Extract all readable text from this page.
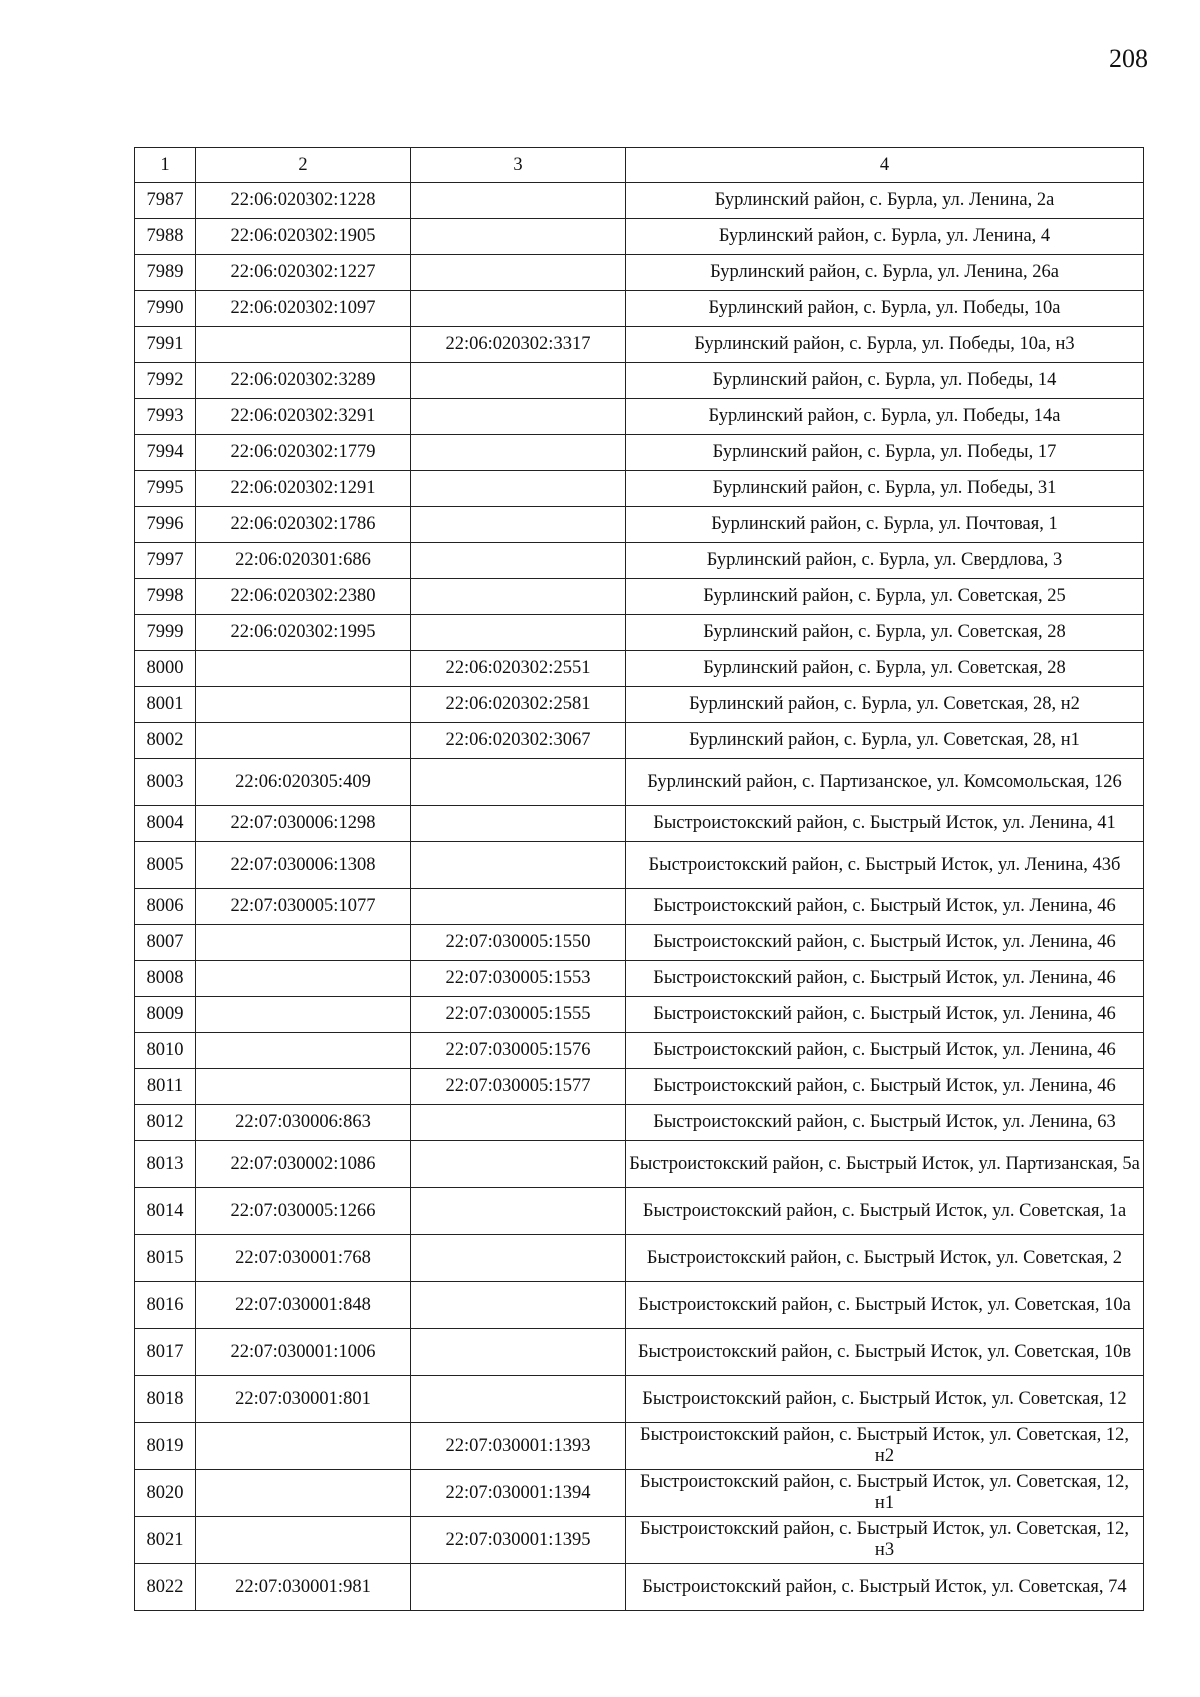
208
1	2	3	4
7987	22:06:020302:1228		Бурлинский район, с. Бурла, ул. Ленина, 2а
7988	22:06:020302:1905		Бурлинский район, с. Бурла, ул. Ленина, 4
7989	22:06:020302:1227		Бурлинский район, с. Бурла, ул. Ленина, 26а
7990	22:06:020302:1097		Бурлинский район, с. Бурла, ул. Победы, 10а
7991		22:06:020302:3317	Бурлинский район, с. Бурла, ул. Победы, 10а, н3
7992	22:06:020302:3289		Бурлинский район, с. Бурла, ул. Победы, 14
7993	22:06:020302:3291		Бурлинский район, с. Бурла, ул. Победы, 14а
7994	22:06:020302:1779		Бурлинский район, с. Бурла, ул. Победы, 17
7995	22:06:020302:1291		Бурлинский район, с. Бурла, ул. Победы, 31
7996	22:06:020302:1786		Бурлинский район, с. Бурла, ул. Почтовая, 1
7997	22:06:020301:686		Бурлинский район, с. Бурла, ул. Свердлова, 3
7998	22:06:020302:2380		Бурлинский район, с. Бурла, ул. Советская, 25
7999	22:06:020302:1995		Бурлинский район, с. Бурла, ул. Советская, 28
8000		22:06:020302:2551	Бурлинский район, с. Бурла, ул. Советская, 28
8001		22:06:020302:2581	Бурлинский район, с. Бурла, ул. Советская, 28, н2
8002		22:06:020302:3067	Бурлинский район, с. Бурла, ул. Советская, 28, н1
8003	22:06:020305:409		Бурлинский район, с. Партизанское, ул. Комсомольская, 126
8004	22:07:030006:1298		Быстроистокский район, с. Быстрый Исток, ул. Ленина, 41
8005	22:07:030006:1308		Быстроистокский район, с. Быстрый Исток, ул. Ленина, 43б
8006	22:07:030005:1077		Быстроистокский район, с. Быстрый Исток, ул. Ленина, 46
8007		22:07:030005:1550	Быстроистокский район, с. Быстрый Исток, ул. Ленина, 46
8008		22:07:030005:1553	Быстроистокский район, с. Быстрый Исток, ул. Ленина, 46
8009		22:07:030005:1555	Быстроистокский район, с. Быстрый Исток, ул. Ленина, 46
8010		22:07:030005:1576	Быстроистокский район, с. Быстрый Исток, ул. Ленина, 46
8011		22:07:030005:1577	Быстроистокский район, с. Быстрый Исток, ул. Ленина, 46
8012	22:07:030006:863		Быстроистокский район, с. Быстрый Исток, ул. Ленина, 63
8013	22:07:030002:1086		Быстроистокский район, с. Быстрый Исток, ул. Партизанская, 5а
8014	22:07:030005:1266		Быстроистокский район, с. Быстрый Исток, ул. Советская, 1а
8015	22:07:030001:768		Быстроистокский район, с. Быстрый Исток, ул. Советская, 2
8016	22:07:030001:848		Быстроистокский район, с. Быстрый Исток, ул. Советская, 10а
8017	22:07:030001:1006		Быстроистокский район, с. Быстрый Исток, ул. Советская, 10в
8018	22:07:030001:801		Быстроистокский район, с. Быстрый Исток, ул. Советская, 12
8019		22:07:030001:1393	Быстроистокский район, с. Быстрый Исток, ул. Советская, 12, н2
8020		22:07:030001:1394	Быстроистокский район, с. Быстрый Исток, ул. Советская, 12, н1
8021		22:07:030001:1395	Быстроистокский район, с. Быстрый Исток, ул. Советская, 12, н3
8022	22:07:030001:981		Быстроистокский район, с. Быстрый Исток, ул. Советская, 74
